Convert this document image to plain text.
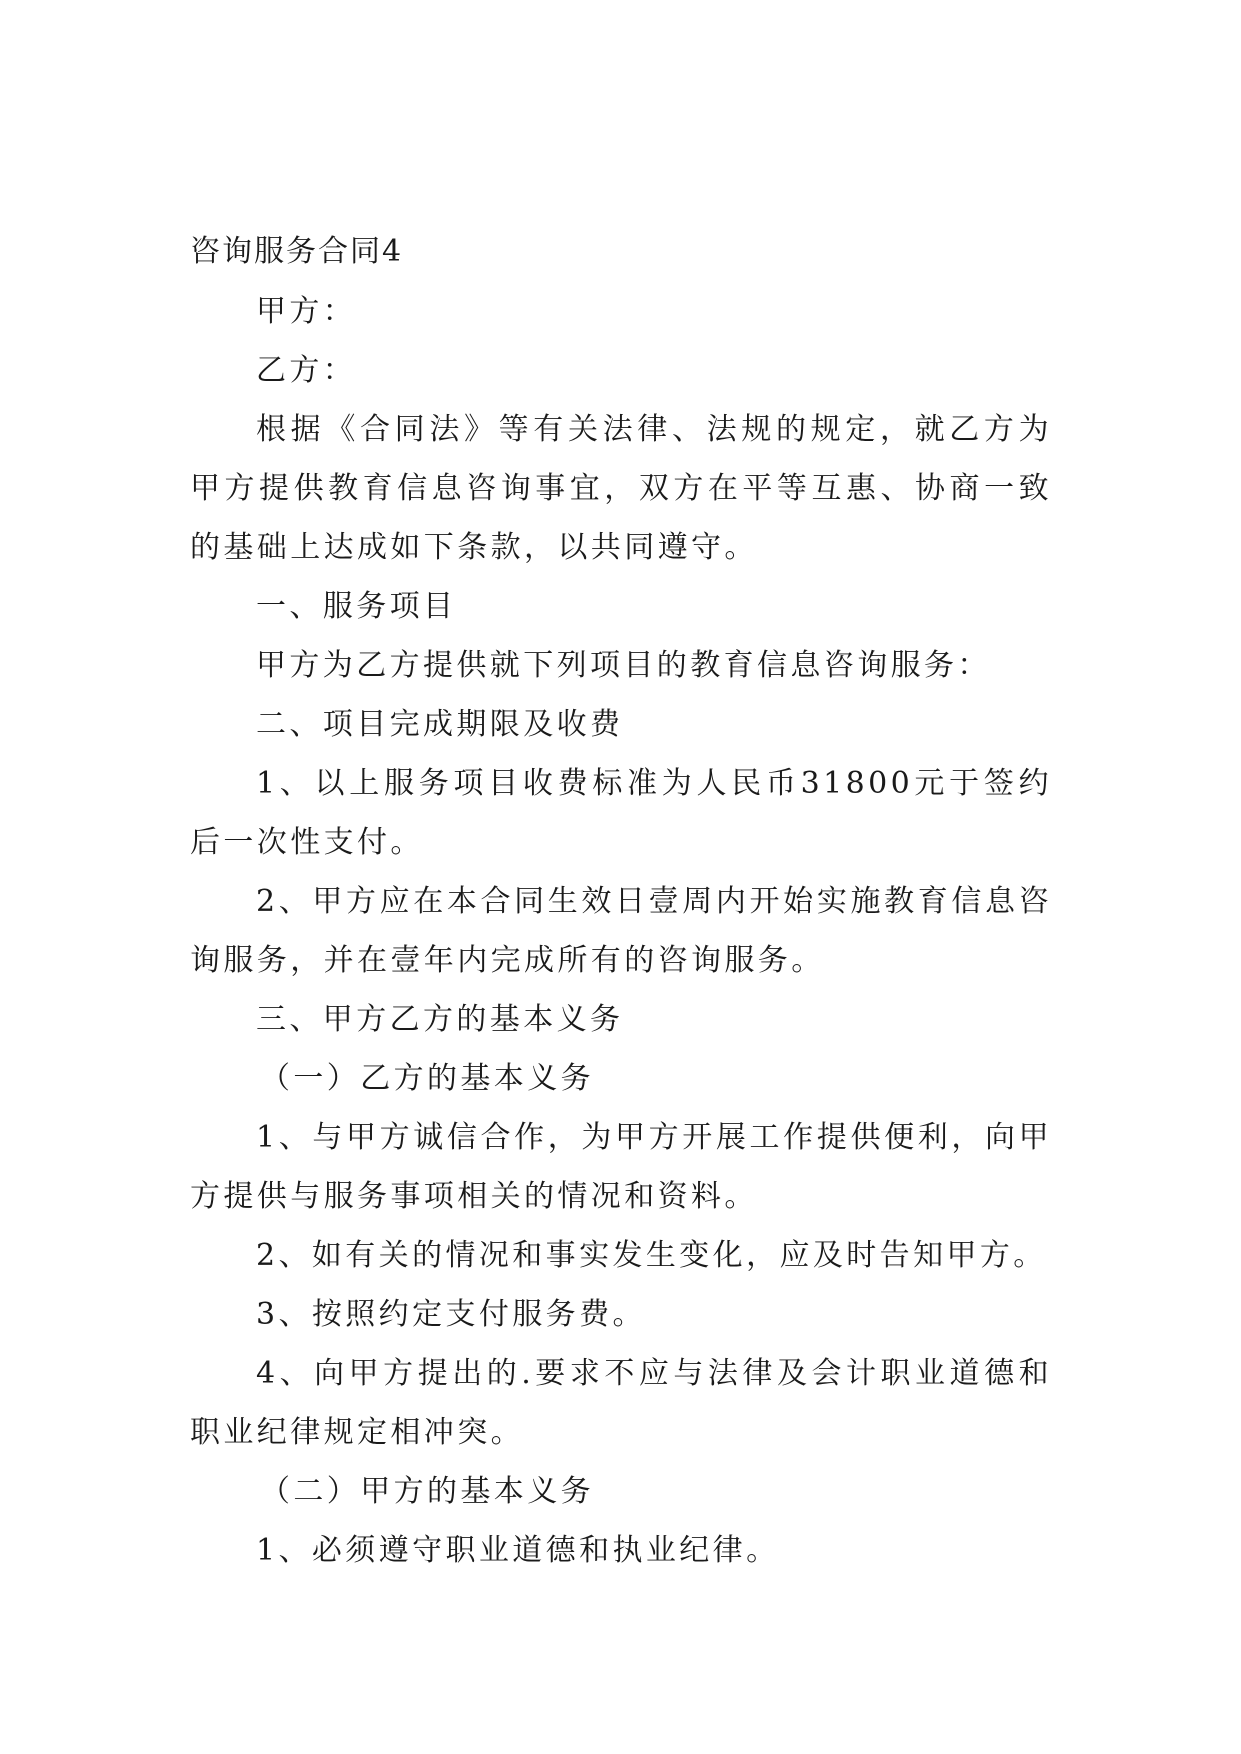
咨询服务合同4

甲方：

乙方：

根据《合同法》等有关法律、法规的规定，就乙方为甲方提供教育信息咨询事宜，双方在平等互惠、协商一致的基础上达成如下条款，以共同遵守。

一、服务项目

甲方为乙方提供就下列项目的教育信息咨询服务：

二、项目完成期限及收费

1、以上服务项目收费标准为人民币31800元于签约后一次性支付。

2、甲方应在本合同生效日壹周内开始实施教育信息咨询服务，并在壹年内完成所有的咨询服务。

三、甲方乙方的基本义务

（一）乙方的基本义务

1、与甲方诚信合作，为甲方开展工作提供便利，向甲方提供与服务事项相关的情况和资料。

2、如有关的情况和事实发生变化，应及时告知甲方。

3、按照约定支付服务费。

4、向甲方提出的.要求不应与法律及会计职业道德和职业纪律规定相冲突。

（二）甲方的基本义务

1、必须遵守职业道德和执业纪律。
